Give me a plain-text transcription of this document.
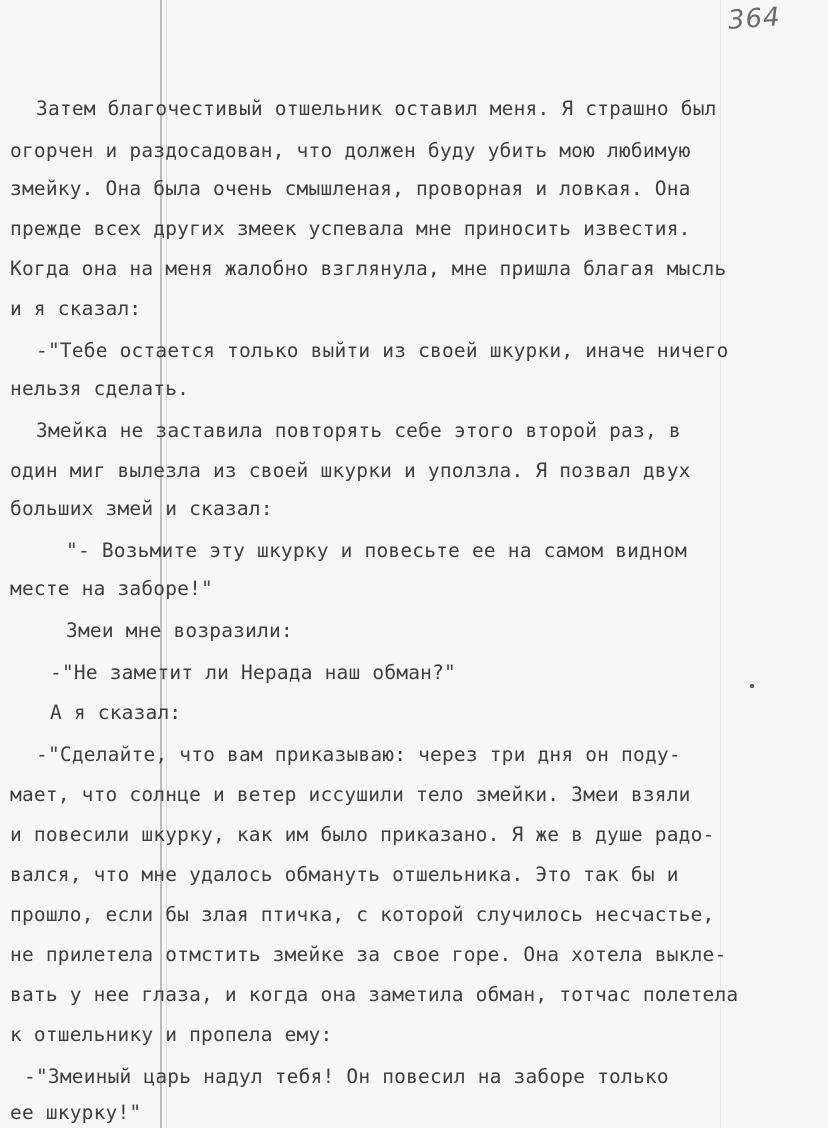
364

Затем благочестивый отшельник оставил меня. Я страшно был

огорчен и раздосадован, что должен буду убить мою любимую

змейку. Она была очень смышленая, проворная и ловкая. Она

прежде всех других змеек успевала мне приносить известия.

Когда она на меня жалобно взглянула, мне пришла благая мысль

и я сказал:

-"Тебе остается только выйти из своей шкурки, иначе ничего

нельзя сделать.

Змейка не заставила повторять себе этого второй раз, в

один миг вылезла из своей шкурки и уползла. Я позвал двух

больших змей и сказал:

"- Возьмите эту шкурку и повесьте ее на самом видном

месте на заборе!"

Змеи мне возразили:

-"Не заметит ли Нерада наш обман?"

А я сказал:

-"Сделайте, что вам приказываю: через три дня он поду-

мает, что солнце и ветер иссушили тело змейки. Змеи взяли

и повесили шкурку, как им было приказано. Я же в душе радо-

вался, что мне удалось обмануть отшельника. Это так бы и

прошло, если бы злая птичка, с которой случилось несчастье,

не прилетела отмстить змейке за свое горе. Она хотела выкле-

вать у нее глаза, и когда она заметила обман, тотчас полетела

к отшельнику и пропела ему:

-"Змеиный царь надул тебя! Он повесил на заборе только

ее шкурку!"
